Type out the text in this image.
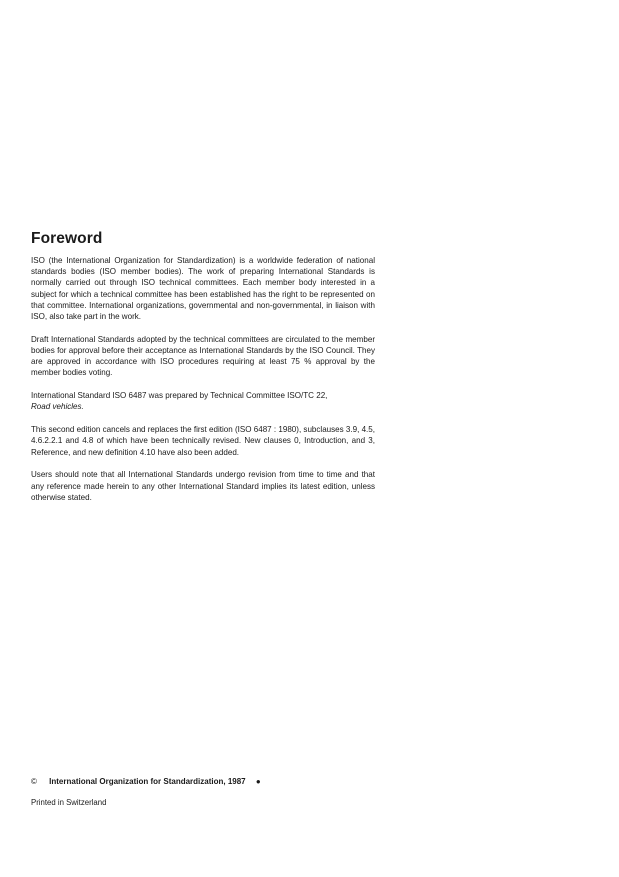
Foreword

ISO (the International Organization for Standardization) is a worldwide federation of national standards bodies (ISO member bodies). The work of preparing International Standards is normally carried out through ISO technical committees. Each member body interested in a subject for which a technical committee has been established has the right to be represented on that committee. International organizations, governmental and non-governmental, in liaison with ISO, also take part in the work.

Draft International Standards adopted by the technical committees are circulated to the member bodies for approval before their acceptance as International Standards by the ISO Council. They are approved in accordance with ISO procedures requiring at least 75 % approval by the member bodies voting.

International Standard ISO 6487 was prepared by Technical Committee ISO/TC 22,
Road vehicles.

This second edition cancels and replaces the first edition (ISO 6487 : 1980), subclauses 3.9, 4.5, 4.6.2.2.1 and 4.8 of which have been technically revised. New clauses 0, Introduction, and 3, Reference, and new definition 4.10 have also been added.

Users should note that all International Standards undergo revision from time to time and that any reference made herein to any other International Standard implies its latest edition, unless otherwise stated.

© International Organization for Standardization, 1987 ●
Printed in Switzerland
